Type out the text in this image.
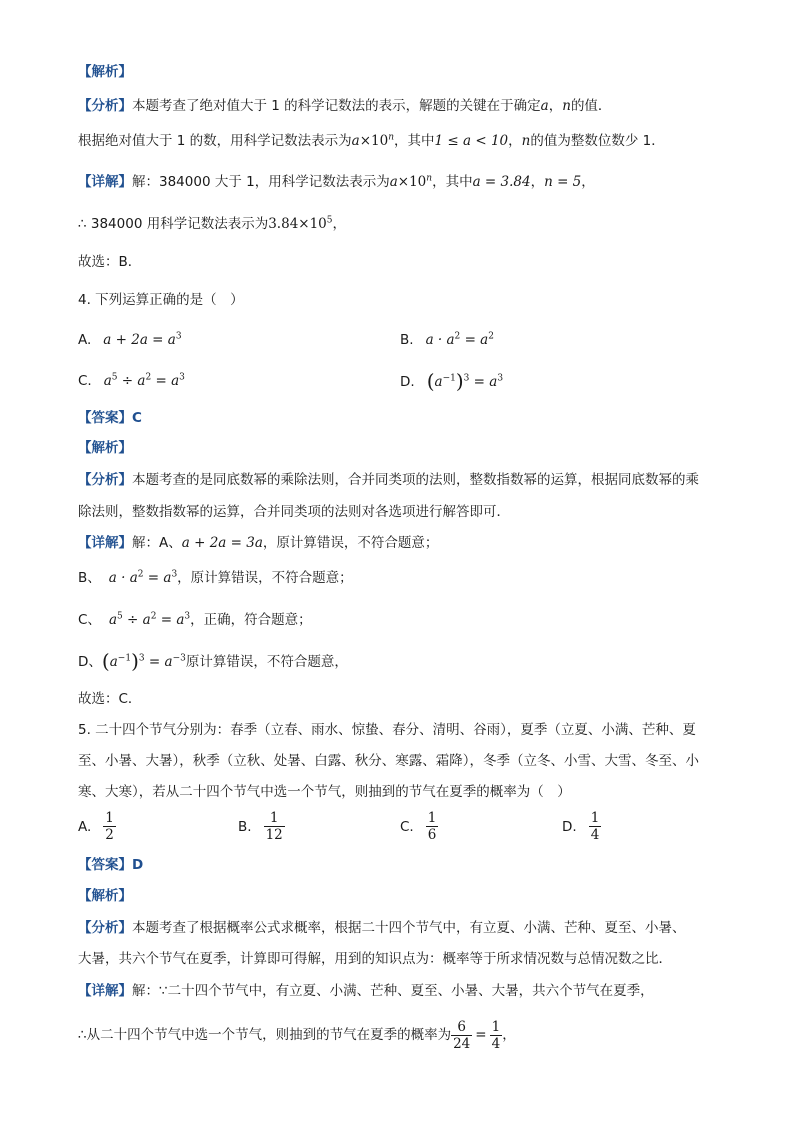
【解析】
【分析】本题考查了绝对值大于 1 的科学记数法的表示，解题的关键在于确定a，n的值．
根据绝对值大于 1 的数，用科学记数法表示为$a\times 10^n$，其中1 ≤ a < 10，n的值为整数位数少 1．
【详解】解：384000 大于 1，用科学记数法表示为$a\times 10^n$，其中a = 3.84，n = 5，
∴ 384000 用科学记数法表示为$3.84\times 10^5$，
故选：B．
4. 下列运算正确的是（　）
A. $a + 2a = a^3$	B. $a \cdot a^2 = a^2$
C. $a^5 \div a^2 = a^3$	D. $(a^{-1})^3 = a^3$
【答案】C
【解析】
【分析】本题考查的是同底数幂的乘除法则，合并同类项的法则，整数指数幂的运算，根据同底数幂的乘
除法则，整数指数幂的运算，合并同类项的法则对各选项进行解答即可．
【详解】解：A、a + 2a = 3a，原计算错误，不符合题意；
B、 $a \cdot a^2 = a^3$，原计算错误，不符合题意；
C、 $a^5 \div a^2 = a^3$，正确，符合题意；
D、$(a^{-1})^3 = a^{-3}$原计算错误，不符合题意，
故选：C．
5. 二十四个节气分别为：春季（立春、雨水、惊蛰、春分、清明、谷雨），夏季（立夏、小满、芒种、夏
至、小暑、大暑），秋季（立秋、处暑、白露、秋分、寒露、霜降），冬季（立冬、小雪、大雪、冬至、小
寒、大寒），若从二十四个节气中选一个节气，则抽到的节气在夏季的概率为（　）
A. $\frac{1}{2}$	B. $\frac{1}{12}$	C. $\frac{1}{6}$	D. $\frac{1}{4}$
【答案】D
【解析】
【分析】本题考查了根据概率公式求概率，根据二十四个节气中，有立夏、小满、芒种、夏至、小暑、
大暑，共六个节气在夏季，计算即可得解，用到的知识点为：概率等于所求情况数与总情况数之比．
【详解】解：∵二十四个节气中，有立夏、小满、芒种、夏至、小暑、大暑，共六个节气在夏季，
∴从二十四个节气中选一个节气，则抽到的节气在夏季的概率为 $\frac{6}{24} = \frac{1}{4}$ ，
